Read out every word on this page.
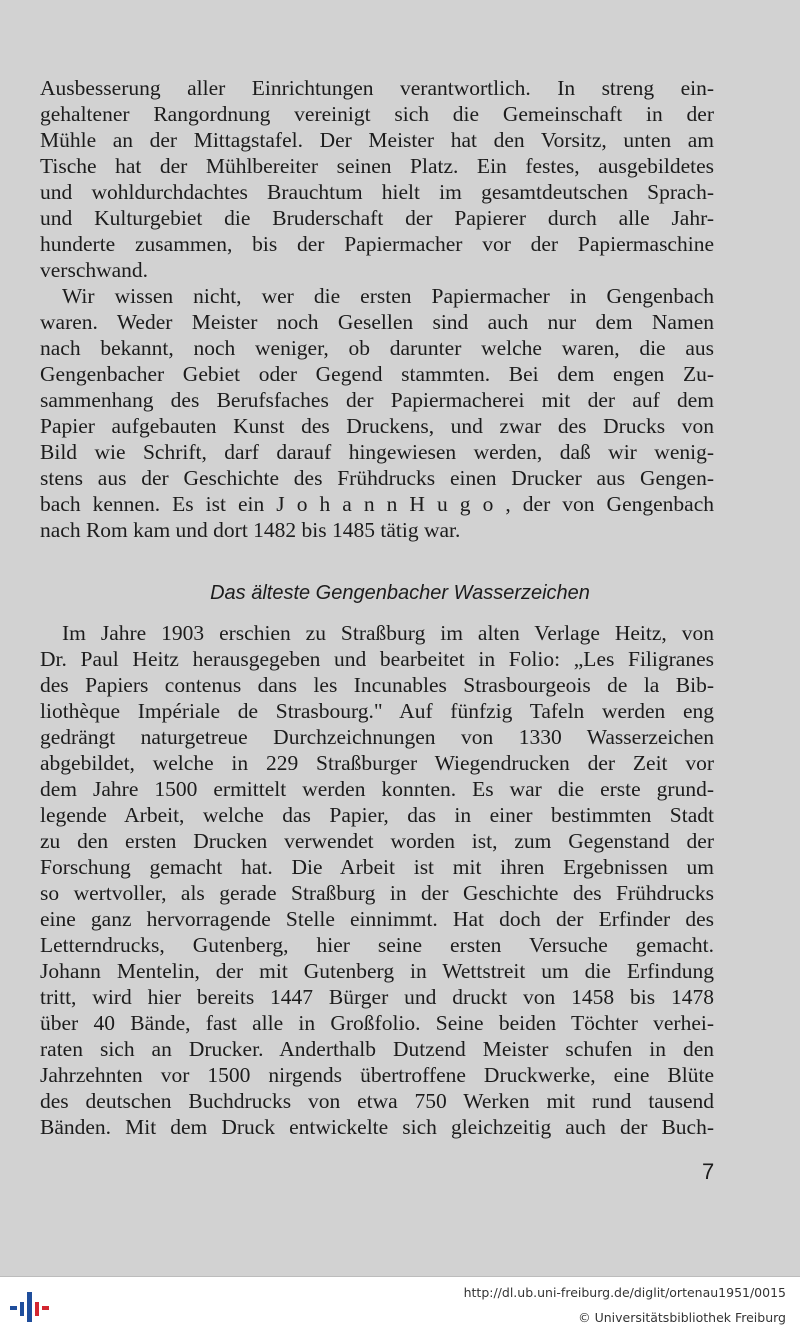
Ausbesserung aller Einrichtungen verantwortlich. In streng ein-
gehaltener Rangordnung vereinigt sich die Gemeinschaft in der
Mühle an der Mittagstafel. Der Meister hat den Vorsitz, unten am
Tische hat der Mühlbereiter seinen Platz. Ein festes, ausgebildetes
und wohldurchdachtes Brauchtum hielt im gesamtdeutschen Sprach-
und Kulturgebiet die Bruderschaft der Papierer durch alle Jahr-
hunderte zusammen, bis der Papiermacher vor der Papiermaschine
verschwand.
Wir wissen nicht, wer die ersten Papiermacher in Gengenbach
waren. Weder Meister noch Gesellen sind auch nur dem Namen
nach bekannt, noch weniger, ob darunter welche waren, die aus
Gengenbacher Gebiet oder Gegend stammten. Bei dem engen Zu-
sammenhang des Berufsfaches der Papiermacherei mit der auf dem
Papier aufgebauten Kunst des Druckens, und zwar des Drucks von
Bild wie Schrift, darf darauf hingewiesen werden, daß wir wenig-
stens aus der Geschichte des Frühdrucks einen Drucker aus Gengen-
bach kennen. Es ist ein J o h a n n H u g o , der von Gengenbach
nach Rom kam und dort 1482 bis 1485 tätig war.
Das älteste Gengenbacher Wasserzeichen
Im Jahre 1903 erschien zu Straßburg im alten Verlage Heitz, von
Dr. Paul Heitz herausgegeben und bearbeitet in Folio: „Les Filigranes
des Papiers contenus dans les Incunables Strasbourgeois de la Bib-
liothèque Impériale de Strasbourg." Auf fünfzig Tafeln werden eng
gedrängt naturgetreue Durchzeichnungen von 1330 Wasserzeichen
abgebildet, welche in 229 Straßburger Wiegendrucken der Zeit vor
dem Jahre 1500 ermittelt werden konnten. Es war die erste grund-
legende Arbeit, welche das Papier, das in einer bestimmten Stadt
zu den ersten Drucken verwendet worden ist, zum Gegenstand der
Forschung gemacht hat. Die Arbeit ist mit ihren Ergebnissen um
so wertvoller, als gerade Straßburg in der Geschichte des Frühdrucks
eine ganz hervorragende Stelle einnimmt. Hat doch der Erfinder des
Letterndrucks, Gutenberg, hier seine ersten Versuche gemacht.
Johann Mentelin, der mit Gutenberg in Wettstreit um die Erfindung
tritt, wird hier bereits 1447 Bürger und druckt von 1458 bis 1478
über 40 Bände, fast alle in Großfolio. Seine beiden Töchter verhei-
raten sich an Drucker. Anderthalb Dutzend Meister schufen in den
Jahrzehnten vor 1500 nirgends übertroffene Druckwerke, eine Blüte
des deutschen Buchdrucks von etwa 750 Werken mit rund tausend
Bänden. Mit dem Druck entwickelte sich gleichzeitig auch der Buch-
7
http://dl.ub.uni-freiburg.de/diglit/ortenau1951/0015
© Universitätsbibliothek Freiburg
